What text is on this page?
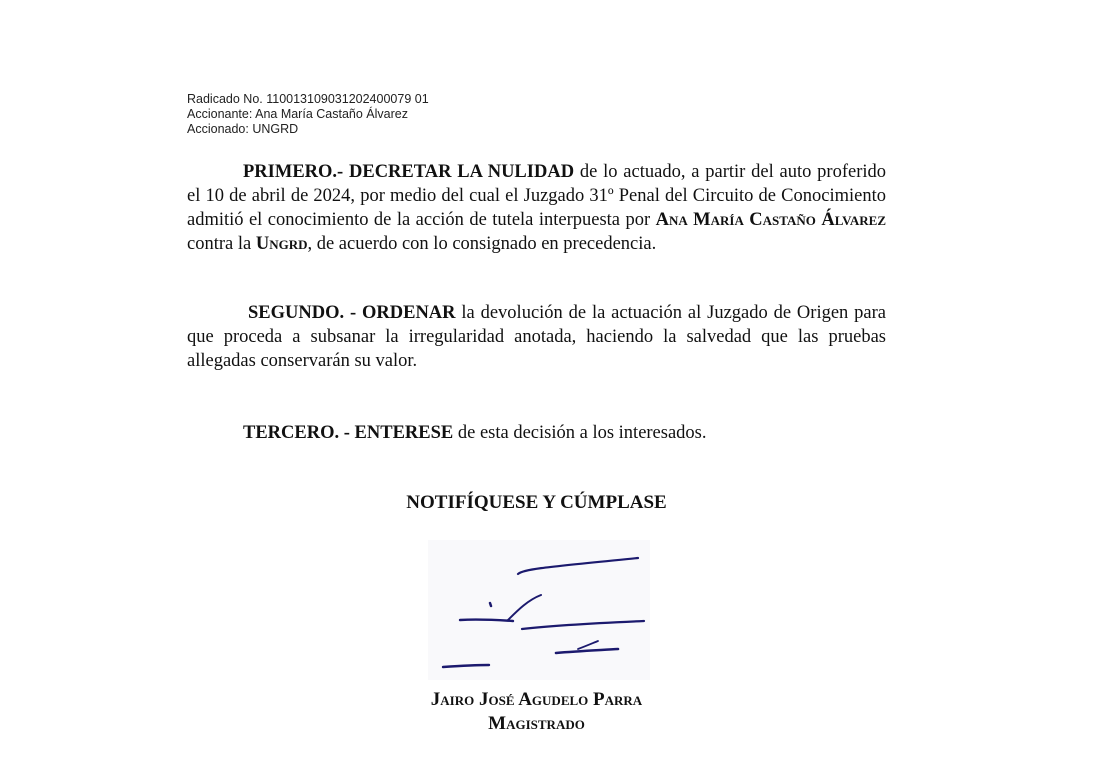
Radicado No. 110013109031202400079 01
Accionante: Ana María Castaño Álvarez
Accionado: UNGRD
PRIMERO.- DECRETAR LA NULIDAD de lo actuado, a partir del auto proferido el 10 de abril de 2024, por medio del cual el Juzgado 31º Penal del Circuito de Conocimiento admitió el conocimiento de la acción de tutela interpuesta por Ana María Castaño Álvarez contra la Ungrd, de acuerdo con lo consignado en precedencia.
SEGUNDO. - ORDENAR la devolución de la actuación al Juzgado de Origen para que proceda a subsanar la irregularidad anotada, haciendo la salvedad que las pruebas allegadas conservarán su valor.
TERCERO. - ENTERESE de esta decisión a los interesados.
NOTIFÍQUESE Y CÚMPLASE
Jairo José Agudelo Parra
Magistrado
